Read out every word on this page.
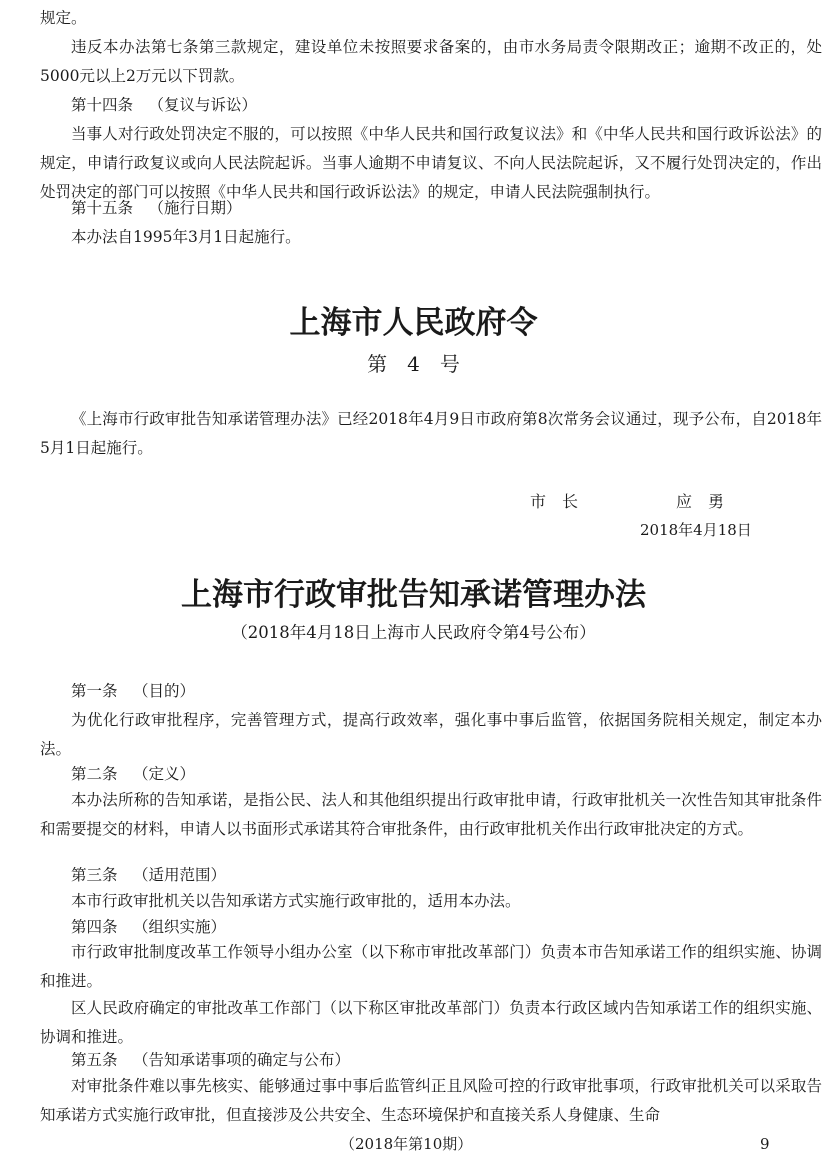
规定。

违反本办法第七条第三款规定，建设单位未按照要求备案的，由市水务局责令限期改正；逾期不改正的，处5000元以上2万元以下罚款。

第十四条 （复议与诉讼）

当事人对行政处罚决定不服的，可以按照《中华人民共和国行政复议法》和《中华人民共和国行政诉讼法》的规定，申请行政复议或向人民法院起诉。当事人逾期不申请复议、不向人民法院起诉，又不履行处罚决定的，作出处罚决定的部门可以按照《中华人民共和国行政诉讼法》的规定，申请人民法院强制执行。

第十五条 （施行日期）

本办法自1995年3月1日起施行。

上海市人民政府令
第　4　号

《上海市行政审批告知承诺管理办法》已经2018年4月9日市政府第8次常务会议通过，现予公布，自2018年5月1日起施行。

市　长	应　勇
2018年4月18日
上海市行政审批告知承诺管理办法
（2018年4月18日上海市人民政府令第4号公布）

第一条 （目的）

为优化行政审批程序，完善管理方式，提高行政效率，强化事中事后监管，依据国务院相关规定，制定本办法。

第二条 （定义）

本办法所称的告知承诺，是指公民、法人和其他组织提出行政审批申请，行政审批机关一次性告知其审批条件和需要提交的材料，申请人以书面形式承诺其符合审批条件，由行政审批机关作出行政审批决定的方式。

第三条 （适用范围）

本市行政审批机关以告知承诺方式实施行政审批的，适用本办法。

第四条 （组织实施）

市行政审批制度改革工作领导小组办公室（以下称市审批改革部门）负责本市告知承诺工作的组织实施、协调和推进。

区人民政府确定的审批改革工作部门（以下称区审批改革部门）负责本行政区域内告知承诺工作的组织实施、协调和推进。

第五条 （告知承诺事项的确定与公布）

对审批条件难以事先核实、能够通过事中事后监管纠正且风险可控的行政审批事项，行政审批机关可以采取告知承诺方式实施行政审批，但直接涉及公共安全、生态环境保护和直接关系人身健康、生命

（2018年第10期）	9
